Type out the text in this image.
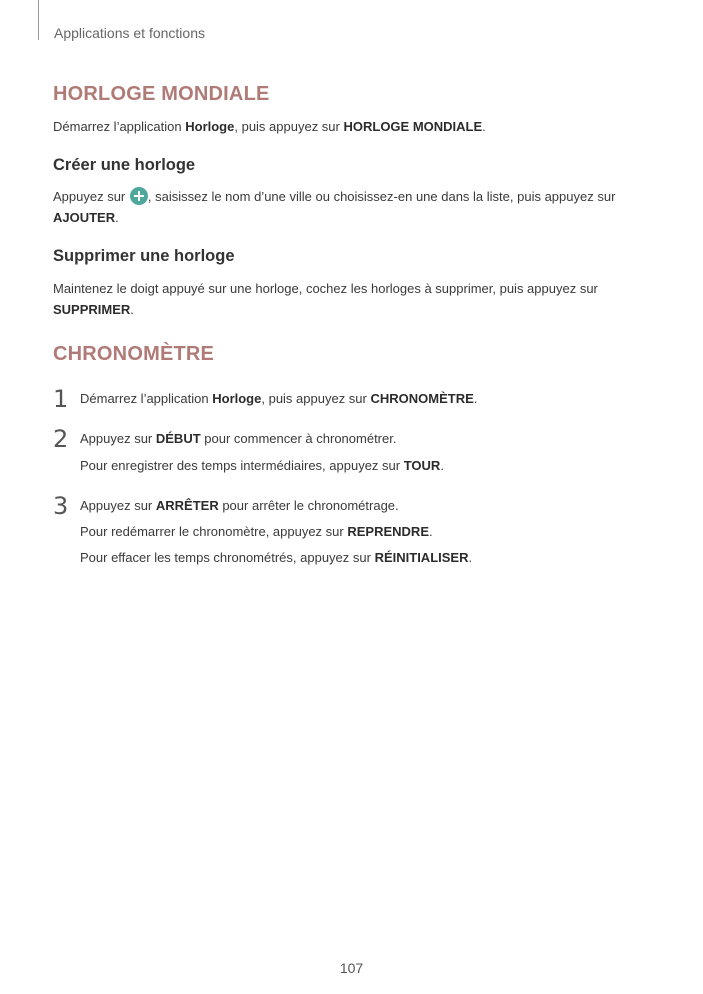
Applications et fonctions
HORLOGE MONDIALE
Démarrez l’application Horloge, puis appuyez sur HORLOGE MONDIALE.
Créer une horloge
Appuyez sur , saisissez le nom d’une ville ou choisissez-en une dans la liste, puis appuyez sur
AJOUTER.
Supprimer une horloge
Maintenez le doigt appuyé sur une horloge, cochez les horloges à supprimer, puis appuyez sur
SUPPRIMER.
CHRONOMÈTRE
1 Démarrez l’application Horloge, puis appuyez sur CHRONOMÈTRE.
2 Appuyez sur DÉBUT pour commencer à chronométrer.
Pour enregistrer des temps intermédiaires, appuyez sur TOUR.
3 Appuyez sur ARRÊTER pour arrêter le chronométrage.
Pour redémarrer le chronomètre, appuyez sur REPRENDRE.
Pour effacer les temps chronométrés, appuyez sur RÉINITIALISER.
107
